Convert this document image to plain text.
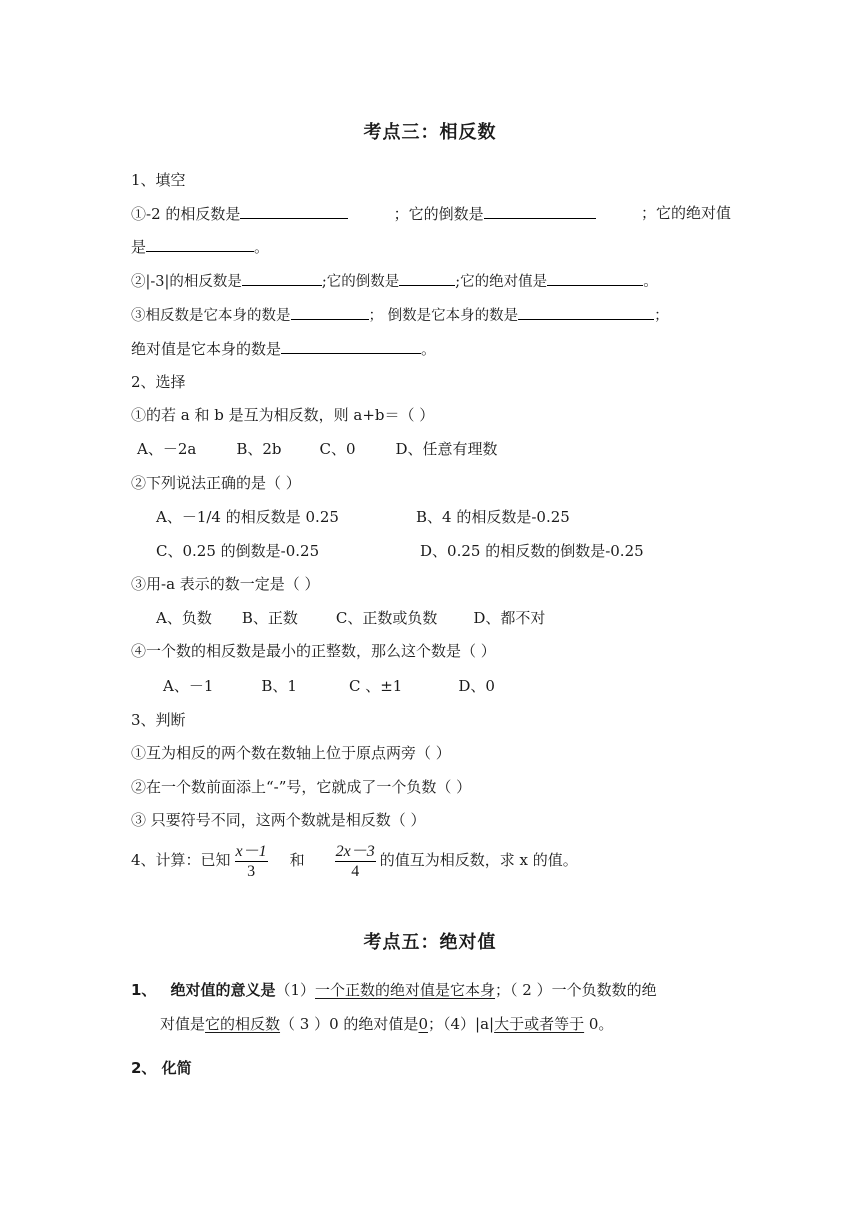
考点三：相反数
1、填空
①-2 的相反数是	；它的倒数是	；它的绝对值
是	。
②|-3|的相反数是	;它的倒数是	;它的绝对值是	。
③相反数是它本身的数是	； 倒数是它本身的数是	；
绝对值是它本身的数是	。
2、选择
①的若 a 和 b 是互为相反数，则 a+b＝（ ）
A、－2a	B、2b	C、0	D、任意有理数
②下列说法正确的是（ ）
A、－1/4 的相反数是 0.25	B、4 的相反数是-0.25
C、0.25 的倒数是-0.25	D、0.25 的相反数的倒数是-0.25
③用-a 表示的数一定是（ ）
A、负数 B、正数	C、正数或负数 D、都不对
④一个数的相反数是最小的正整数，那么这个数是（ ）
A、－1	B、1	C 、±1	D、0
3、判断
①互为相反的两个数在数轴上位于原点两旁（ ）
②在一个数前面添上“-”号，它就成了一个负数（ ）
③ 只要符号不同，这两个数就是相反数（ ）
4、计算：已知 $\frac{x-1}{3}$ 和 $\frac{2x-3}{4}$ 的值互为相反数，求 x 的值。
考点五：绝对值
1、 绝对值的意义是（1）一个正数的绝对值是它本身；（ 2 ）一个负数数的绝
对值是它的相反数（ 3 ）0 的绝对值是0；（4）|a|大于或者等于 0。
2、 化简
